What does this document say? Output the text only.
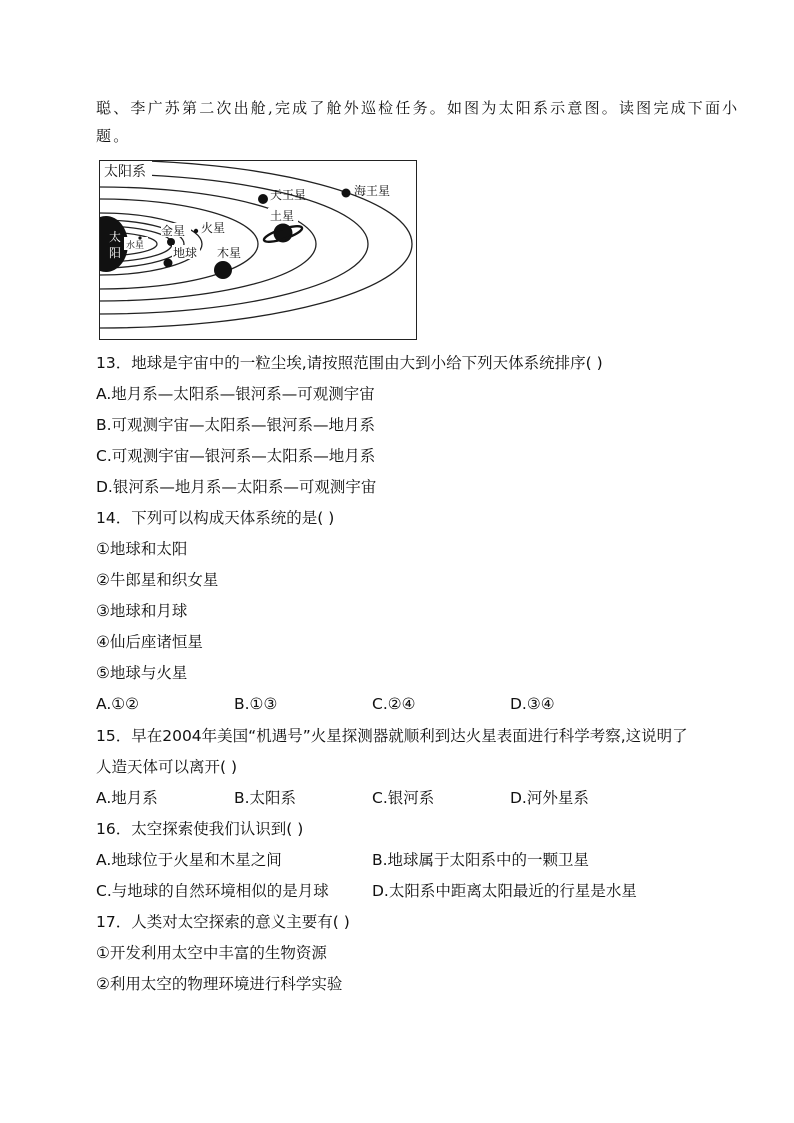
聪、李广苏第二次出舱,完成了舱外巡检任务。如图为太阳系示意图。读图完成下面小
题。
太
阳
太阳系
水星
金星
地球
火星
木星
土星
天王星	海王星
13．地球是宇宙中的一粒尘埃,请按照范围由大到小给下列天体系统排序( )
A.地月系—太阳系—银河系—可观测宇宙
B.可观测宇宙—太阳系—银河系—地月系
C.可观测宇宙—银河系—太阳系—地月系
D.银河系—地月系—太阳系—可观测宇宙
14．下列可以构成天体系统的是( )
①地球和太阳
②牛郎星和织女星
③地球和月球
④仙后座诸恒星
⑤地球与火星
A.①②	B.①③	C.②④	D.③④
15．早在2004年美国“机遇号”火星探测器就顺利到达火星表面进行科学考察,这说明了
人造天体可以离开( )
A.地月系	B.太阳系	C.银河系	D.河外星系
16．太空探索使我们认识到( )
A.地球位于火星和木星之间	B.地球属于太阳系中的一颗卫星
C.与地球的自然环境相似的是月球	D.太阳系中距离太阳最近的行星是水星
17．人类对太空探索的意义主要有( )
①开发利用太空中丰富的生物资源
②利用太空的物理环境进行科学实验
